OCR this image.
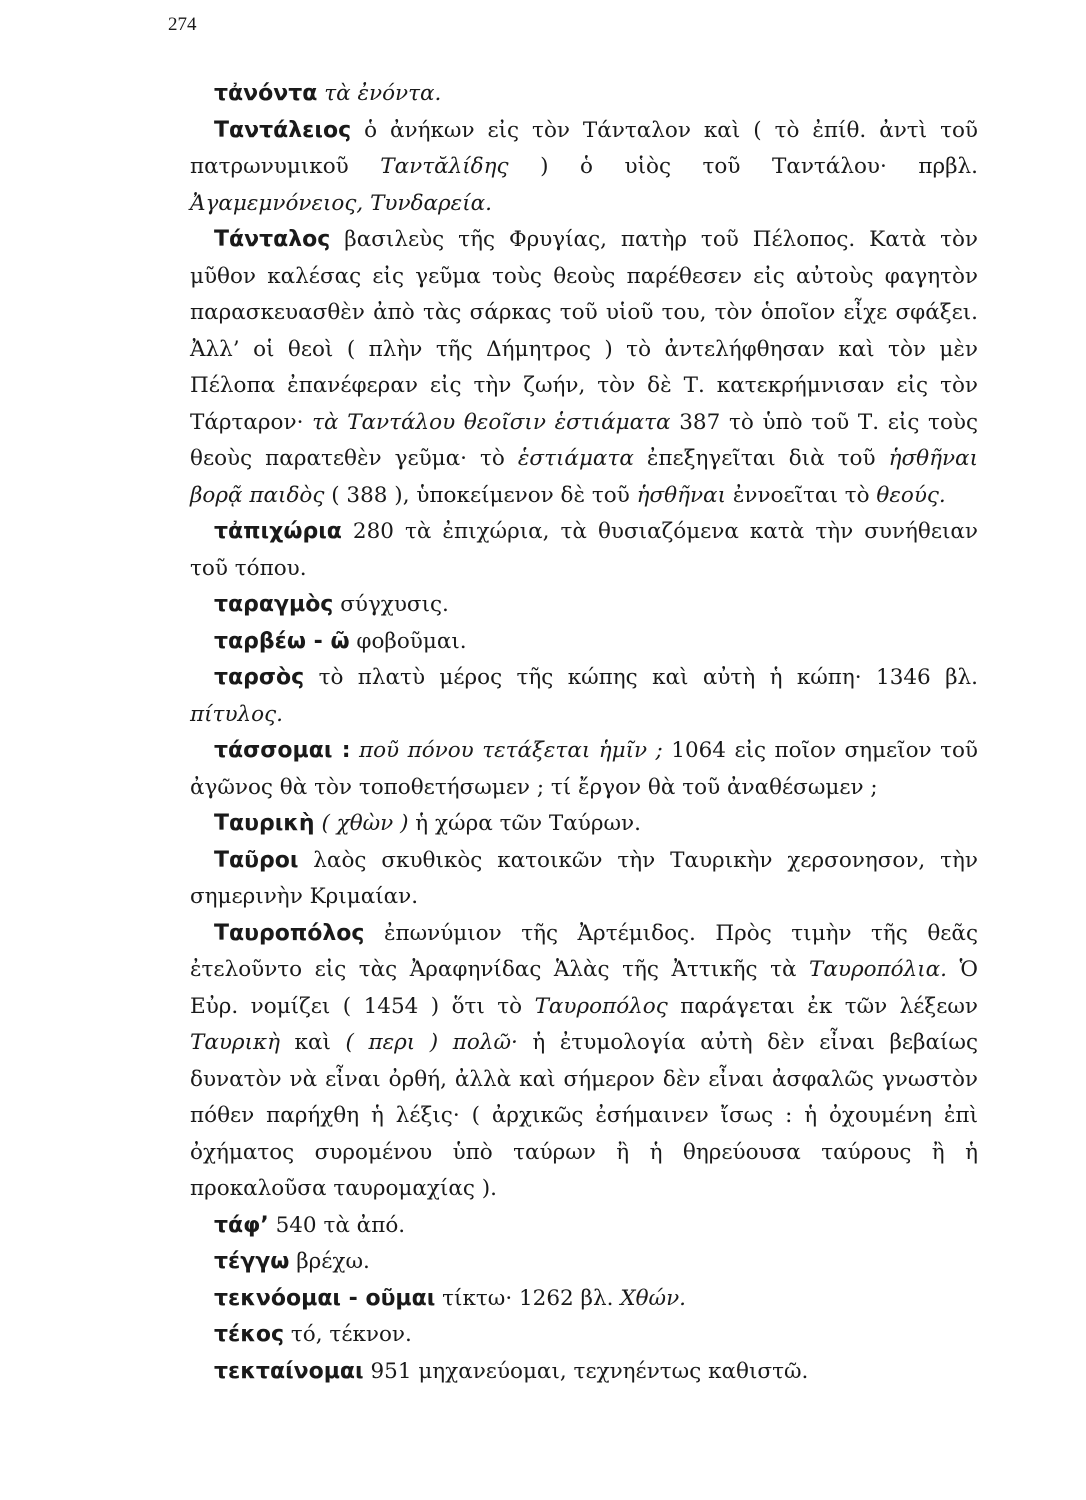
274

τἀνόντα τὰ ἐνόντα.

Ταντάλειος ὁ ἀνήκων εἰς τὸν Τάνταλον καὶ ( τὸ ἐπίθ. ἀντὶ τοῦ πατρωνυμικοῦ Ταντᾰλίδης ) ὁ υἱὸς τοῦ Ταντάλου· πρβλ. Ἀγαμεμνόνειος, Τυνδαρεία.

Τάνταλος βασιλεὺς τῆς Φρυγίας, πατὴρ τοῦ Πέλοπος. Κατὰ τὸν μῦθον καλέσας εἰς γεῦμα τοὺς θεοὺς παρέθεσεν εἰς αὐτοὺς φαγητὸν παρασκευασθὲν ἀπὸ τὰς σάρκας τοῦ υἱοῦ του, τὸν ὁποῖον εἶχε σφάξει. Ἀλλ’ οἱ θεοὶ ( πλὴν τῆς Δήμητρος ) τὸ ἀντελήφθησαν καὶ τὸν μὲν Πέλοπα ἐπανέφεραν εἰς τὴν ζωήν, τὸν δὲ Τ. κατεκρήμνισαν εἰς τὸν Τάρταρον· τὰ Ταντάλου θεοῖσιν ἑστιάματα 387 τὸ ὑπὸ τοῦ Τ. εἰς τοὺς θεοὺς παρατεθὲν γεῦμα· τὸ ἑστιάματα ἐπεξηγεῖται διὰ τοῦ ἡσθῆναι βορᾷ παιδὸς ( 388 ), ὑποκείμενον δὲ τοῦ ἡσθῆναι ἐννοεῖται τὸ θεούς.

τἀπιχώρια 280 τὰ ἐπιχώρια, τὰ θυσιαζόμενα κατὰ τὴν συνήθειαν τοῦ τόπου.

ταραγμὸς σύγχυσις.

ταρβέω - ῶ φοβοῦμαι.

ταρσὸς τὸ πλατὺ μέρος τῆς κώπης καὶ αὐτὴ ἡ κώπη· 1346 βλ. πίτυλος.

τάσσομαι : ποῦ πόνου τετάξεται ἡμῖν ; 1064 εἰς ποῖον σημεῖον τοῦ ἀγῶνος θὰ τὸν τοποθετήσωμεν ; τί ἔργον θὰ τοῦ ἀναθέσωμεν ;

Ταυρικὴ ( χθὼν ) ἡ χώρα τῶν Ταύρων.

Ταῦροι λαὸς σκυθικὸς κατοικῶν τὴν Ταυρικὴν χερσονησον, τὴν σημερινὴν Κριμαίαν.

Ταυροπόλος ἐπωνύμιον τῆς Ἀρτέμιδος. Πρὸς τιμὴν τῆς θεᾶς ἐτελοῦντο εἰς τὰς Ἀραφηνίδας Ἁλὰς τῆς Ἀττικῆς τὰ Ταυροπόλια. Ὁ Εὐρ. νομίζει ( 1454 ) ὅτι τὸ Ταυροπόλος παράγεται ἐκ τῶν λέξεων Ταυρικὴ καὶ ( περι ) πολῶ· ἡ ἐτυμολογία αὐτὴ δὲν εἶναι βεβαίως δυνατὸν νὰ εἶναι ὀρθή, ἀλλὰ καὶ σήμερον δὲν εἶναι ἀσφαλῶς γνωστὸν πόθεν παρήχθη ἡ λέξις· ( ἀρχικῶς ἐσήμαινεν ἴσως : ἡ ὀχουμένη ἐπὶ ὀχήματος συρομένου ὑπὸ ταύρων ἢ ἡ θηρεύουσα ταύρους ἢ ἡ προκαλοῦσα ταυρομαχίας ).

τάφ’ 540 τὰ ἀπό.

τέγγω βρέχω.

τεκνόομαι - οῦμαι τίκτω· 1262 βλ. Χθών.

τέκος τό, τέκνον.

τεκταίνομαι 951 μηχανεύομαι, τεχνηέντως καθιστῶ.
